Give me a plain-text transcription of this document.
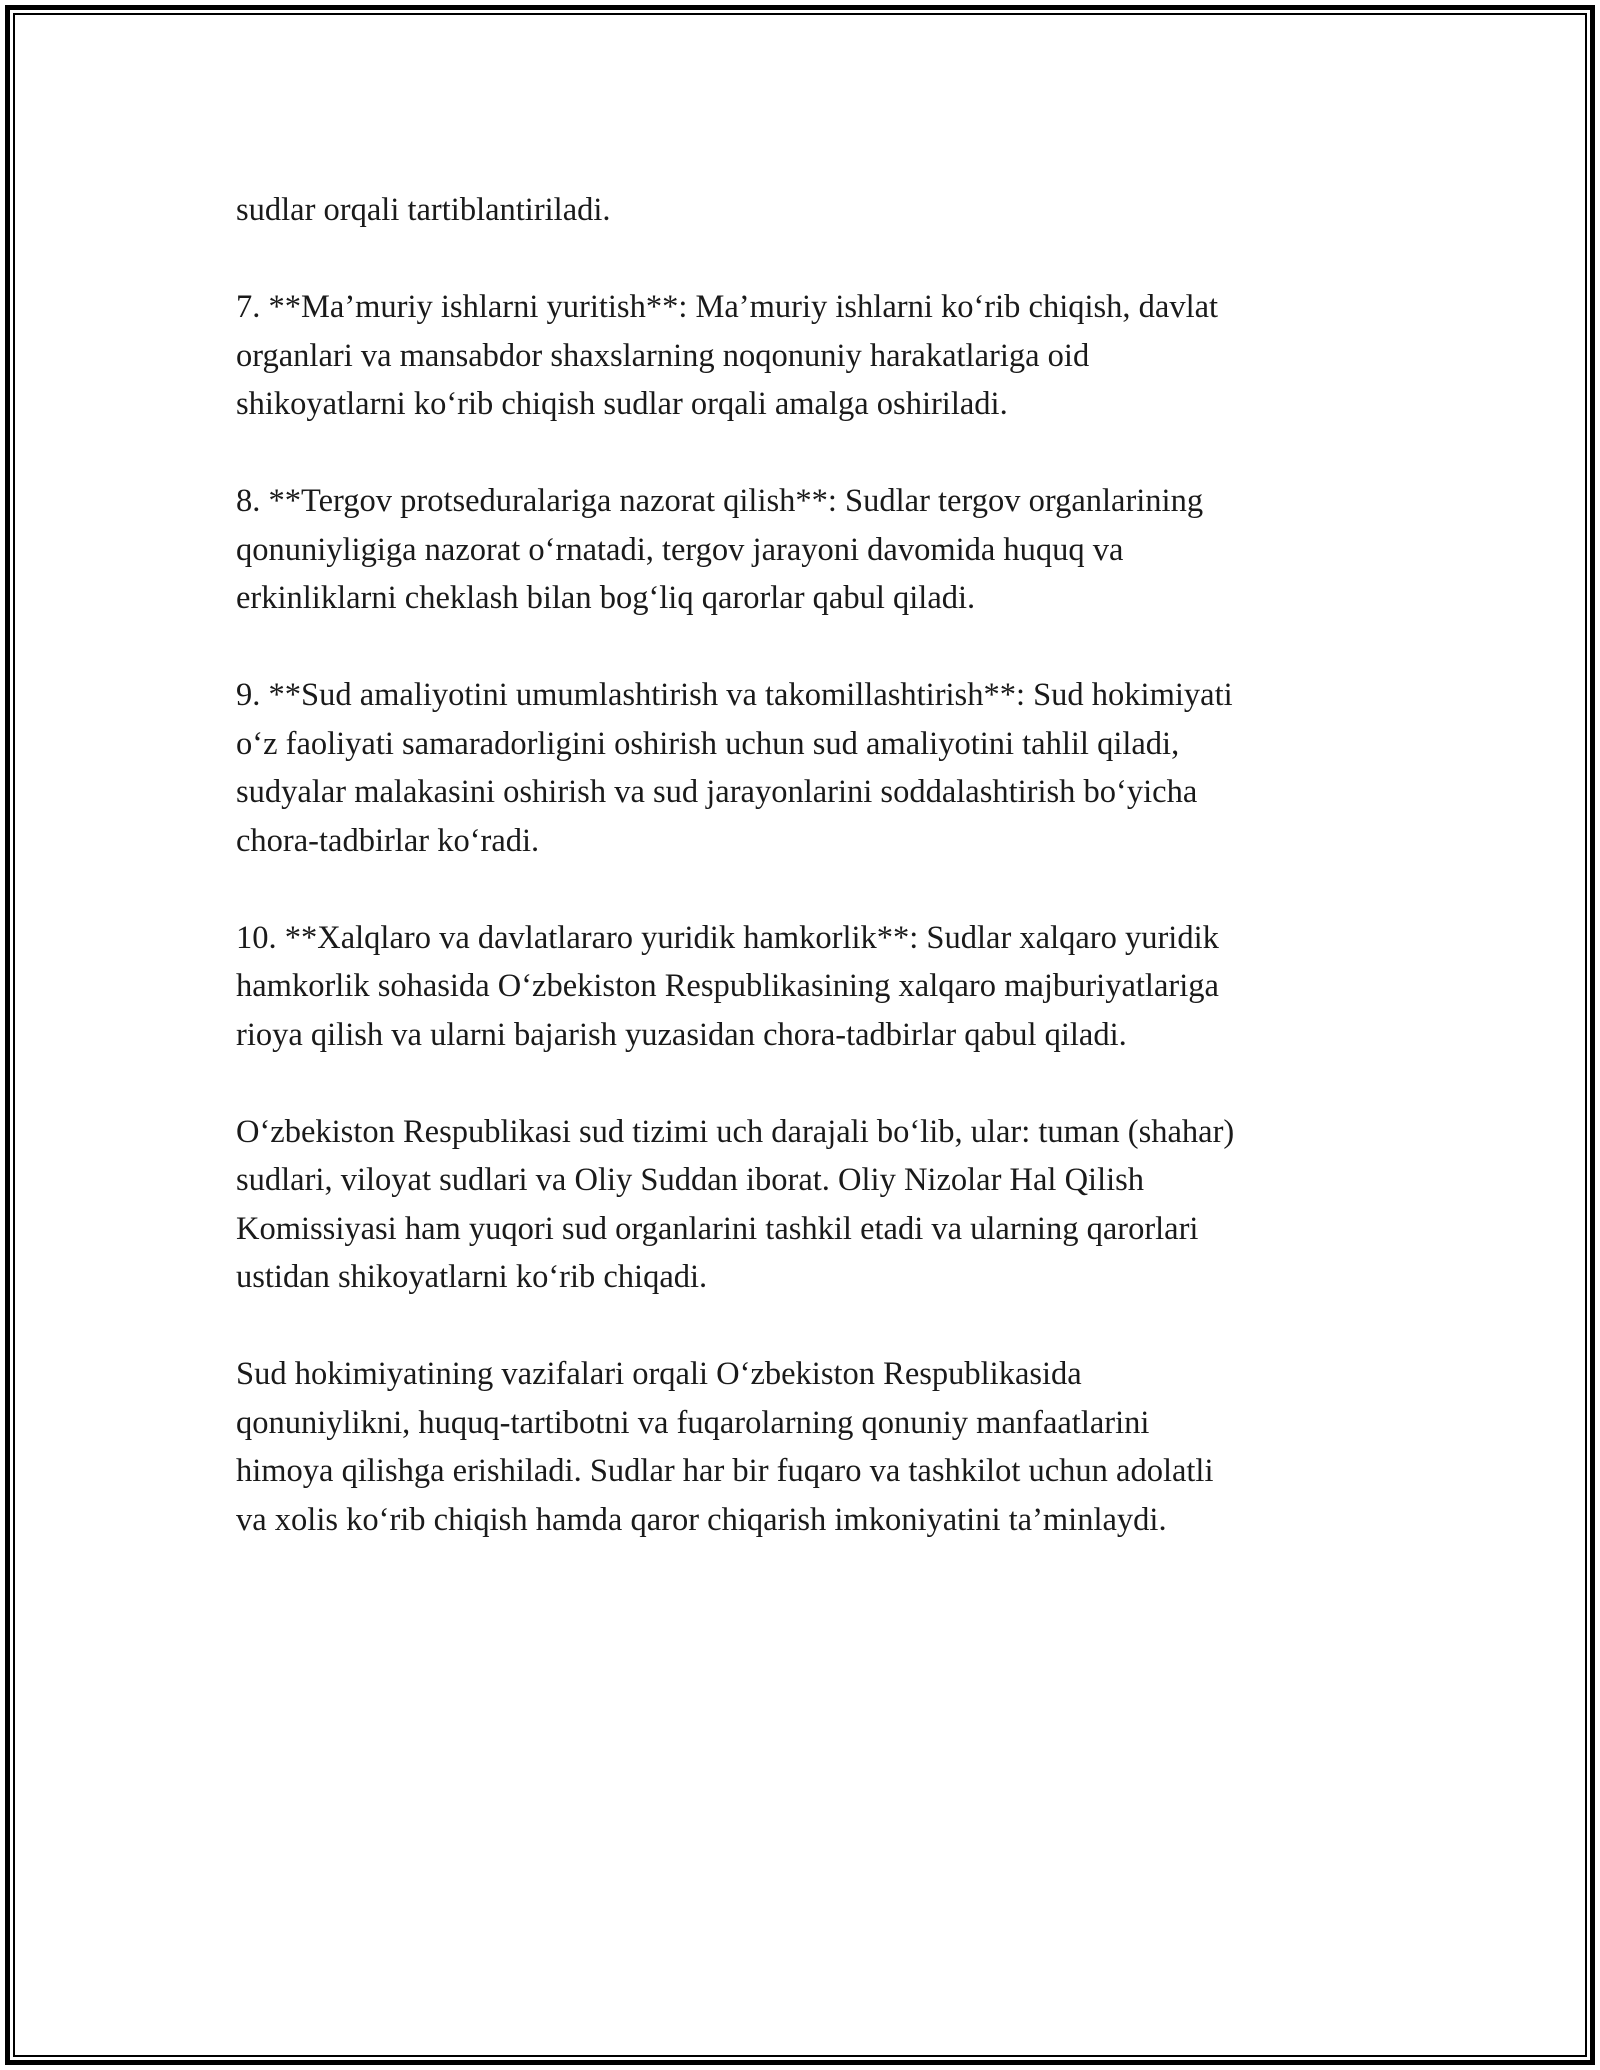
sudlar orqali tartiblantiriladi.

7. **Ma’muriy ishlarni yuritish**: Ma’muriy ishlarni ko‘rib chiqish, davlat
organlari va mansabdor shaxslarning noqonuniy harakatlariga oid
shikoyatlarni ko‘rib chiqish sudlar orqali amalga oshiriladi.

8. **Tergov protseduralariga nazorat qilish**: Sudlar tergov organlarining
qonuniyligiga nazorat o‘rnatadi, tergov jarayoni davomida huquq va
erkinliklarni cheklash bilan bog‘liq qarorlar qabul qiladi.

9. **Sud amaliyotini umumlashtirish va takomillashtirish**: Sud hokimiyati
o‘z faoliyati samaradorligini oshirish uchun sud amaliyotini tahlil qiladi,
sudyalar malakasini oshirish va sud jarayonlarini soddalashtirish bo‘yicha
chora-tadbirlar ko‘radi.

10. **Xalqlaro va davlatlararo yuridik hamkorlik**: Sudlar xalqaro yuridik
hamkorlik sohasida O‘zbekiston Respublikasining xalqaro majburiyatlariga
rioya qilish va ularni bajarish yuzasidan chora-tadbirlar qabul qiladi.

O‘zbekiston Respublikasi sud tizimi uch darajali bo‘lib, ular: tuman (shahar)
sudlari, viloyat sudlari va Oliy Suddan iborat. Oliy Nizolar Hal Qilish
Komissiyasi ham yuqori sud organlarini tashkil etadi va ularning qarorlari
ustidan shikoyatlarni ko‘rib chiqadi.

Sud hokimiyatining vazifalari orqali O‘zbekiston Respublikasida
qonuniylikni, huquq-tartibotni va fuqarolarning qonuniy manfaatlarini
himoya qilishga erishiladi. Sudlar har bir fuqaro va tashkilot uchun adolatli
va xolis ko‘rib chiqish hamda qaror chiqarish imkoniyatini ta’minlaydi.
